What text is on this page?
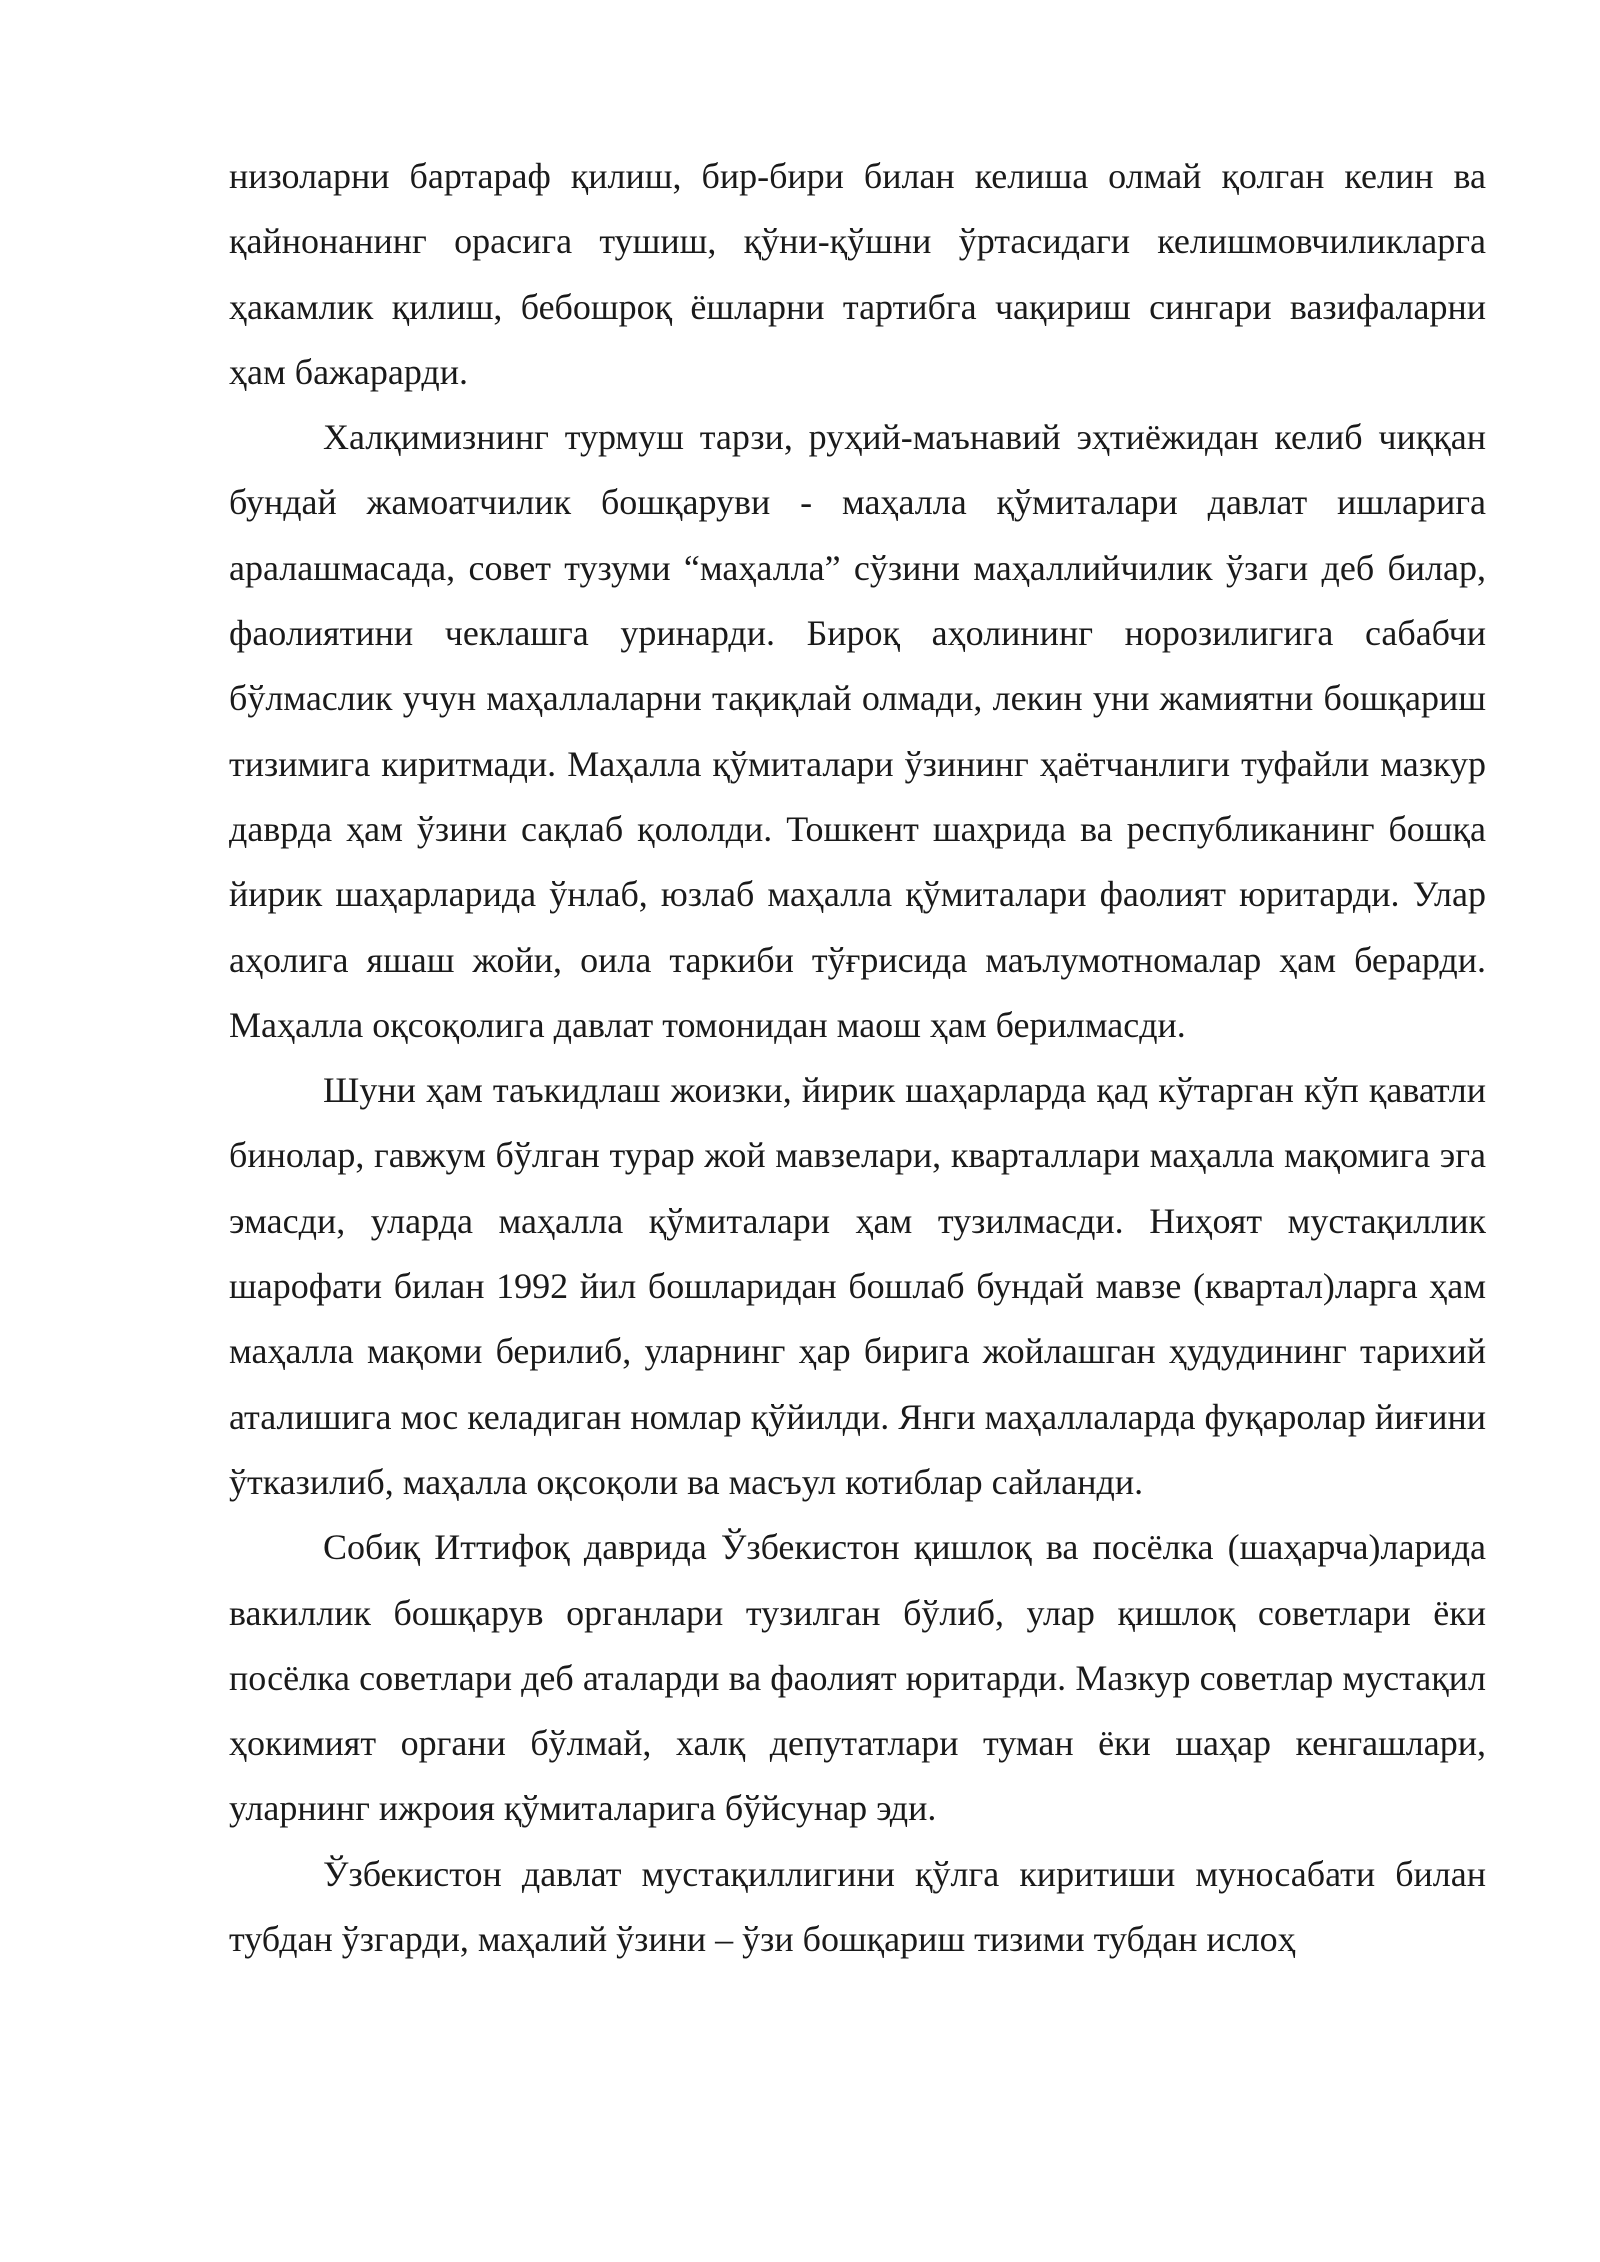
низоларни бартараф қилиш, бир-бири билан келиша олмай қолган келин ва қайнонанинг орасига тушиш, қўни-қўшни ўртасидаги келишмовчиликларга ҳакамлик қилиш, бебошроқ ёшларни тартибга чақириш сингари вазифаларни ҳам бажарарди.

Халқимизнинг турмуш тарзи, руҳий-маънавий эҳтиёжидан келиб чиққан бундай жамоатчилик бошқаруви - маҳалла қўмиталари давлат ишларига аралашмасада, совет тузуми “маҳалла” сўзини маҳаллийчилик ўзаги деб билар, фаолиятини чеклашга уринарди. Бироқ аҳолининг норозилигига сабабчи бўлмаслик учун маҳаллаларни тақиқлай олмади, лекин уни жамиятни бошқариш тизимига киритмади. Маҳалла қўмиталари ўзининг ҳаётчанлиги туфайли мазкур даврда ҳам ўзини сақлаб қололди. Тошкент шаҳрида ва республиканинг бошқа йирик шаҳарларида ўнлаб, юзлаб маҳалла қўмиталари фаолият юритарди. Улар аҳолига яшаш жойи, оила таркиби тўғрисида маълумотномалар ҳам берарди. Маҳалла оқсоқолига давлат томонидан маош ҳам берилмасди.

Шуни ҳам таъкидлаш жоизки, йирик шаҳарларда қад кўтарган кўп қаватли бинолар, гавжум бўлган турар жой мавзелари, кварталлари маҳалла мақомига эга эмасди, уларда маҳалла қўмиталари ҳам тузилмасди. Ниҳоят мустақиллик шарофати билан 1992 йил бошларидан бошлаб бундай мавзе (квартал)ларга ҳам маҳалла мақоми берилиб, уларнинг ҳар бирига жойлашган ҳудудининг тарихий аталишига мос келадиган номлар қўйилди. Янги маҳаллаларда фуқаролар йиғини ўтказилиб, маҳалла оқсоқоли ва масъул котиблар сайланди.

Собиқ Иттифоқ даврида Ўзбекистон қишлоқ ва посёлка (шаҳарча)ларида вакиллик бошқарув органлари тузилган бўлиб, улар қишлоқ советлари ёки посёлка советлари деб аталарди ва фаолият юритарди. Мазкур советлар мустақил ҳокимият органи бўлмай, халқ депутатлари туман ёки шаҳар кенгашлари, уларнинг ижроия қўмиталарига бўйсунар эди.

Ўзбекистон давлат мустақиллигини қўлга киритиши муносабати билан тубдан ўзгарди, маҳалий ўзини – ўзи бошқариш тизими тубдан ислоҳ
